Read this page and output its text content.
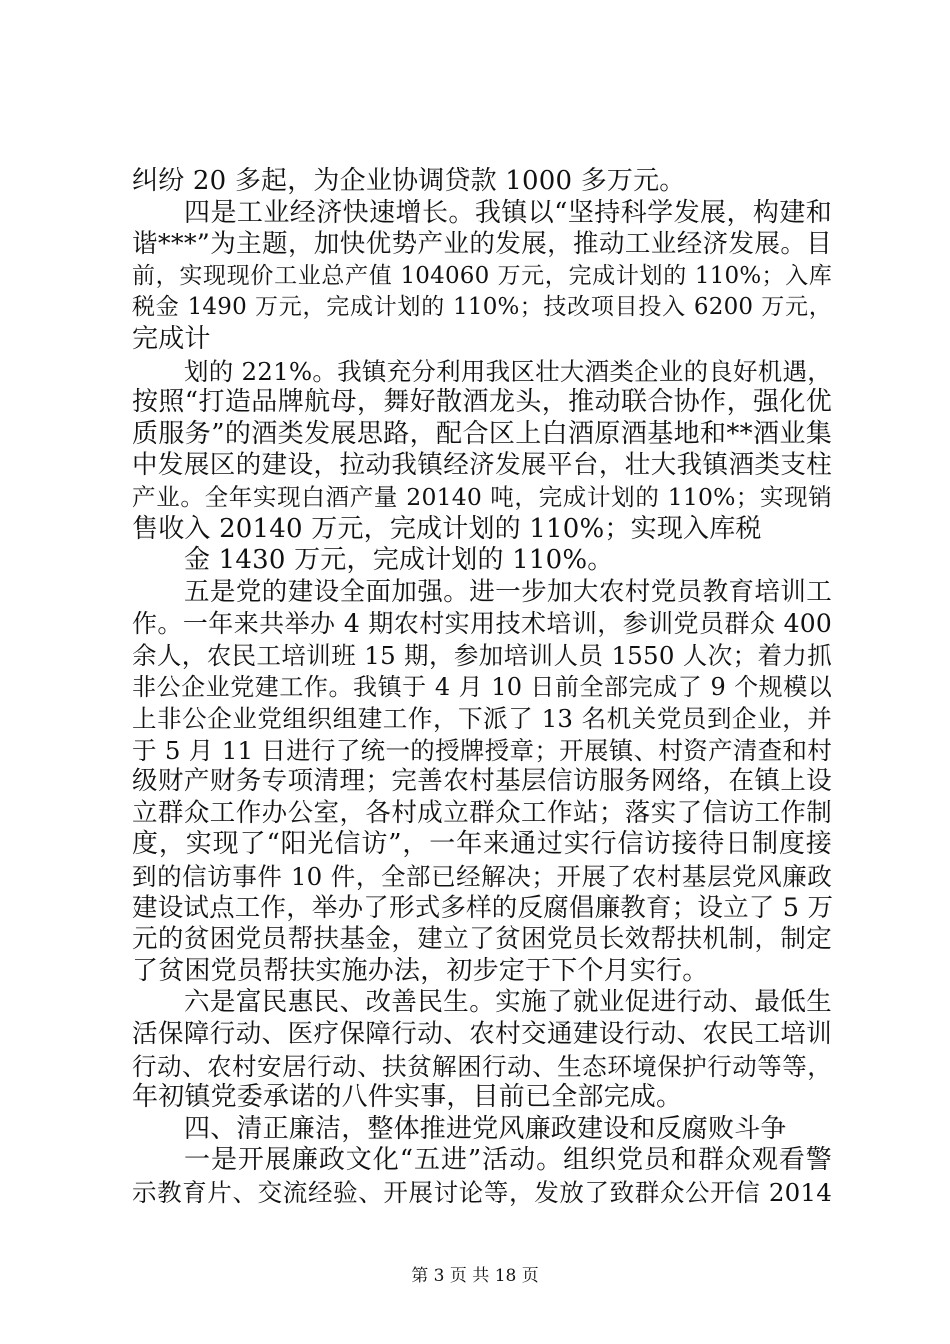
纠纷 20 多起，为企业协调贷款 1000 多万元。
四是工业经济快速增长。我镇以“坚持科学发展，构建和
谐***”为主题，加快优势产业的发展，推动工业经济发展。目
前，实现现价工业总产值 104060 万元，完成计划的 110%；入库
税金 1490 万元，完成计划的 110%；技改项目投入 6200 万元，
完成计
划的 221%。我镇充分利用我区壮大酒类企业的良好机遇，
按照“打造品牌航母，舞好散酒龙头，推动联合协作，强化优
质服务”的酒类发展思路，配合区上白酒原酒基地和**酒业集
中发展区的建设，拉动我镇经济发展平台，壮大我镇酒类支柱
产业。全年实现白酒产量 20140 吨，完成计划的 110%；实现销
售收入 20140 万元，完成计划的 110%；实现入库税
金 1430 万元，完成计划的 110%。
五是党的建设全面加强。进一步加大农村党员教育培训工
作。一年来共举办 4 期农村实用技术培训，参训党员群众 400
余人，农民工培训班 15 期，参加培训人员 1550 人次；着力抓
非公企业党建工作。我镇于 4 月 10 日前全部完成了 9 个规模以
上非公企业党组织组建工作，下派了 13 名机关党员到企业，并
于 5 月 11 日进行了统一的授牌授章；开展镇、村资产清查和村
级财产财务专项清理；完善农村基层信访服务网络，在镇上设
立群众工作办公室，各村成立群众工作站；落实了信访工作制
度，实现了“阳光信访”，一年来通过实行信访接待日制度接
到的信访事件 10 件，全部已经解决；开展了农村基层党风廉政
建设试点工作，举办了形式多样的反腐倡廉教育；设立了 5 万
元的贫困党员帮扶基金，建立了贫困党员长效帮扶机制，制定
了贫困党员帮扶实施办法，初步定于下个月实行。
六是富民惠民、改善民生。实施了就业促进行动、最低生
活保障行动、医疗保障行动、农村交通建设行动、农民工培训
行动、农村安居行动、扶贫解困行动、生态环境保护行动等等，
年初镇党委承诺的八件实事，目前已全部完成。
四、清正廉洁，整体推进党风廉政建设和反腐败斗争
一是开展廉政文化“五进”活动。组织党员和群众观看警
示教育片、交流经验、开展讨论等，发放了致群众公开信 2014
第 3 页 共 18 页
